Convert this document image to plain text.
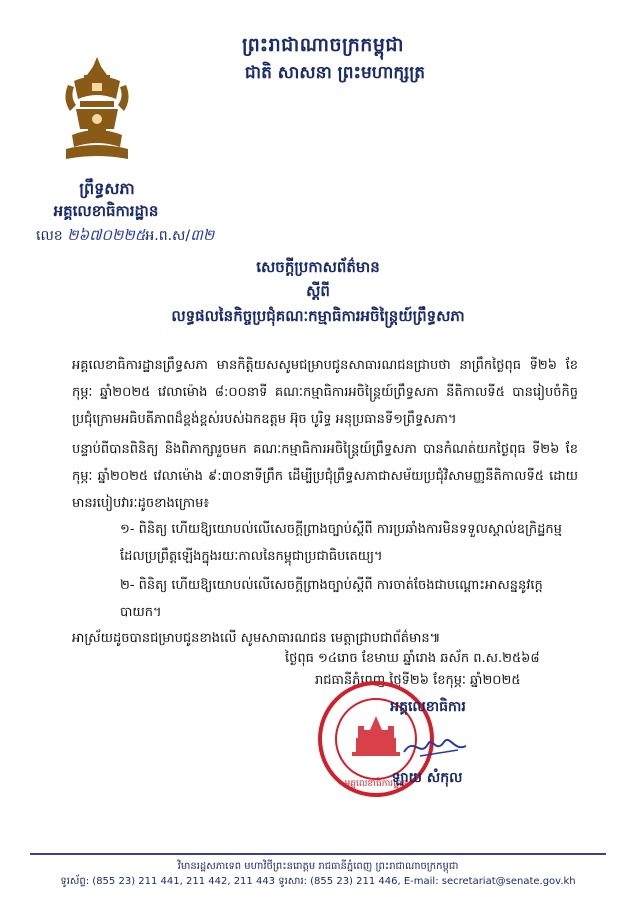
ព្រះរាជាណាចក្រកម្ពុជា
ជាតិ សាសនា ព្រះមហាក្សត្រ
ព្រឹទ្ធសភា
អគ្គលេខាធិការដ្ឋាន
លេខ ២៦៧០២២៥អ.ព.ស/៣២
សេចក្តីប្រកាសព័ត៌មាន
ស្តីពី
លទ្ធផលនៃកិច្ចប្រជុំគណៈកម្មាធិការអចិន្ត្រៃយ៍ព្រឹទ្ធសភា
អគ្គលេខាធិការដ្ឋានព្រឹទ្ធសភា មានកិត្តិយសសូមជម្រាបជូនសាធារណជនជ្រាបថា នាព្រឹកថ្ងៃពុធ ទី២៦ ខែកុម្ភៈ ឆ្នាំ២០២៥ វេលាម៉ោង ៨:០០នាទី គណៈកម្មាធិការអចិន្ត្រៃយ៍ព្រឹទ្ធសភា នីតិកាលទី៥ បានរៀបចំកិច្ចប្រជុំក្រោមអធិបតីភាពដ៏ខ្ពង់ខ្ពស់របស់ឯកឧត្តម អ៊ុច បូរិទ្ធ អនុប្រធានទី១ព្រឹទ្ធសភា។
បន្ទាប់ពីបានពិនិត្យ និងពិភាក្សារួចមក គណៈកម្មាធិការអចិន្ត្រៃយ៍ព្រឹទ្ធសភា បានកំណត់យកថ្ងៃពុធ ទី២៦ ខែកុម្ភៈ ឆ្នាំ២០២៥ វេលាម៉ោង ៩:៣០នាទីព្រឹក ដើម្បីប្រជុំព្រឹទ្ធសភាជាសម័យប្រជុំវិសាមញ្ញនីតិកាលទី៥ ដោយមានរបៀបវារៈដូចខាងក្រោម៖
១- ពិនិត្យ ហើយឱ្យយោបល់លើសេចក្តីព្រាងច្បាប់ស្តីពី ការប្រឆាំងការមិនទទួលស្គាល់ឧក្រិដ្ឋកម្ម ដែលប្រព្រឹត្តឡើងក្នុងរយៈកាលនៃកម្ពុជាប្រជាធិបតេយ្យ។
២- ពិនិត្យ ហើយឱ្យយោបល់លើសេចក្តីព្រាងច្បាប់ស្តីពី ការចាត់ចែងជាបណ្តោះអាសន្ននូវក្តេបាយក។
អាស្រ័យដូចបានជម្រាបជូនខាងលើ សូមសាធារណជន មេត្តាជ្រាបជាព័ត៌មាន៕
ថ្ងៃពុធ ១៤រោច ខែមាឃ ឆ្នាំរោង ឆស័ក ព.ស.២៥៦៨
រាជធានីភ្នំពេញ ថ្ងៃទី២៦ ខែកុម្ភៈ ឆ្នាំ២០២៥
អគ្គលេខាធិការដ្ឋាន
អគ្គលេខាធិការ
ឡាយ សំកុល
វិមានរដ្ឋសភាទេព មហាវិថីព្រះនរោត្តម រាជធានីភ្នំពេញ ព្រះរាជាណាចក្រកម្ពុជា
ទូរស័ព្ទ: (855 23) 211 441, 211 442, 211 443 ទូរសារ: (855 23) 211 446, E-mail: secretariat@senate.gov.kh
